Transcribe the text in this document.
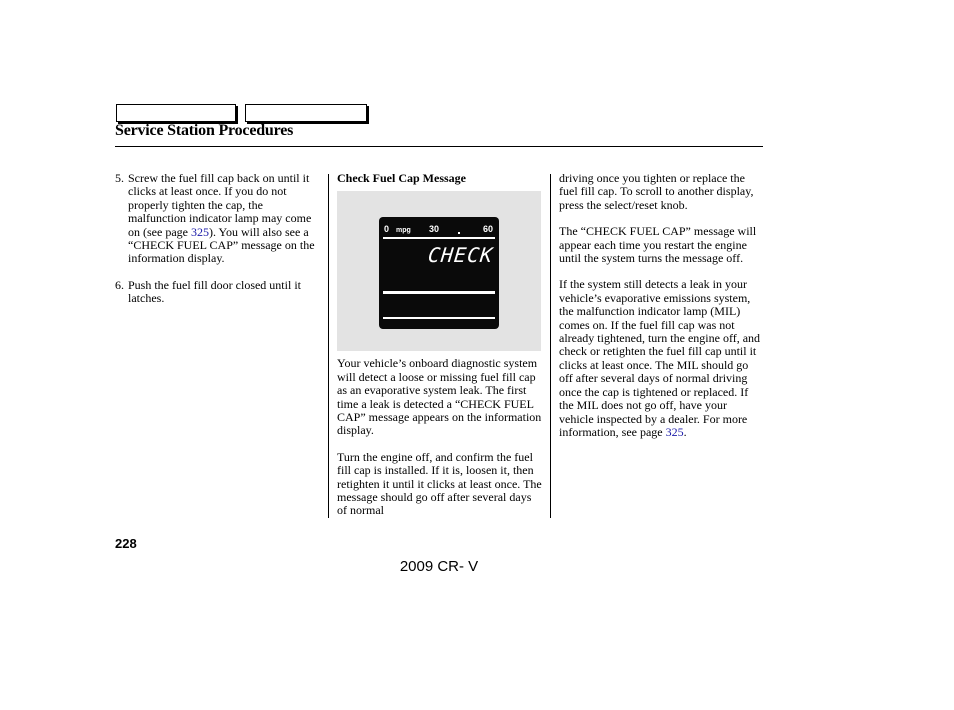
Service Station Procedures
5. Screw the fuel fill cap back on until it clicks at least once. If you do not properly tighten the cap, the malfunction indicator lamp may come on (see page 325). You will also see a “CHECK FUEL CAP” message on the information display.
6. Push the fuel fill door closed until it latches.
Check Fuel Cap Message
0 mpg 30	60
CHECK

Your vehicle’s onboard diagnostic system will detect a loose or missing fuel fill cap as an evaporative system leak. The first time a leak is detected a “CHECK FUEL CAP” message appears on the information display.

Turn the engine off, and confirm the fuel fill cap is installed. If it is, loosen it, then retighten it until it clicks at least once. The message should go off after several days of normal

driving once you tighten or replace the fuel fill cap. To scroll to another display, press the select/reset knob.

The “CHECK FUEL CAP” message will appear each time you restart the engine until the system turns the message off.

If the system still detects a leak in your vehicle’s evaporative emissions system, the malfunction indicator lamp (MIL) comes on. If the fuel fill cap was not already tightened, turn the engine off, and check or retighten the fuel fill cap until it clicks at least once. The MIL should go off after several days of normal driving once the cap is tightened or replaced. If the MIL does not go off, have your vehicle inspected by a dealer. For more information, see page 325.

228
2009 CR- V
